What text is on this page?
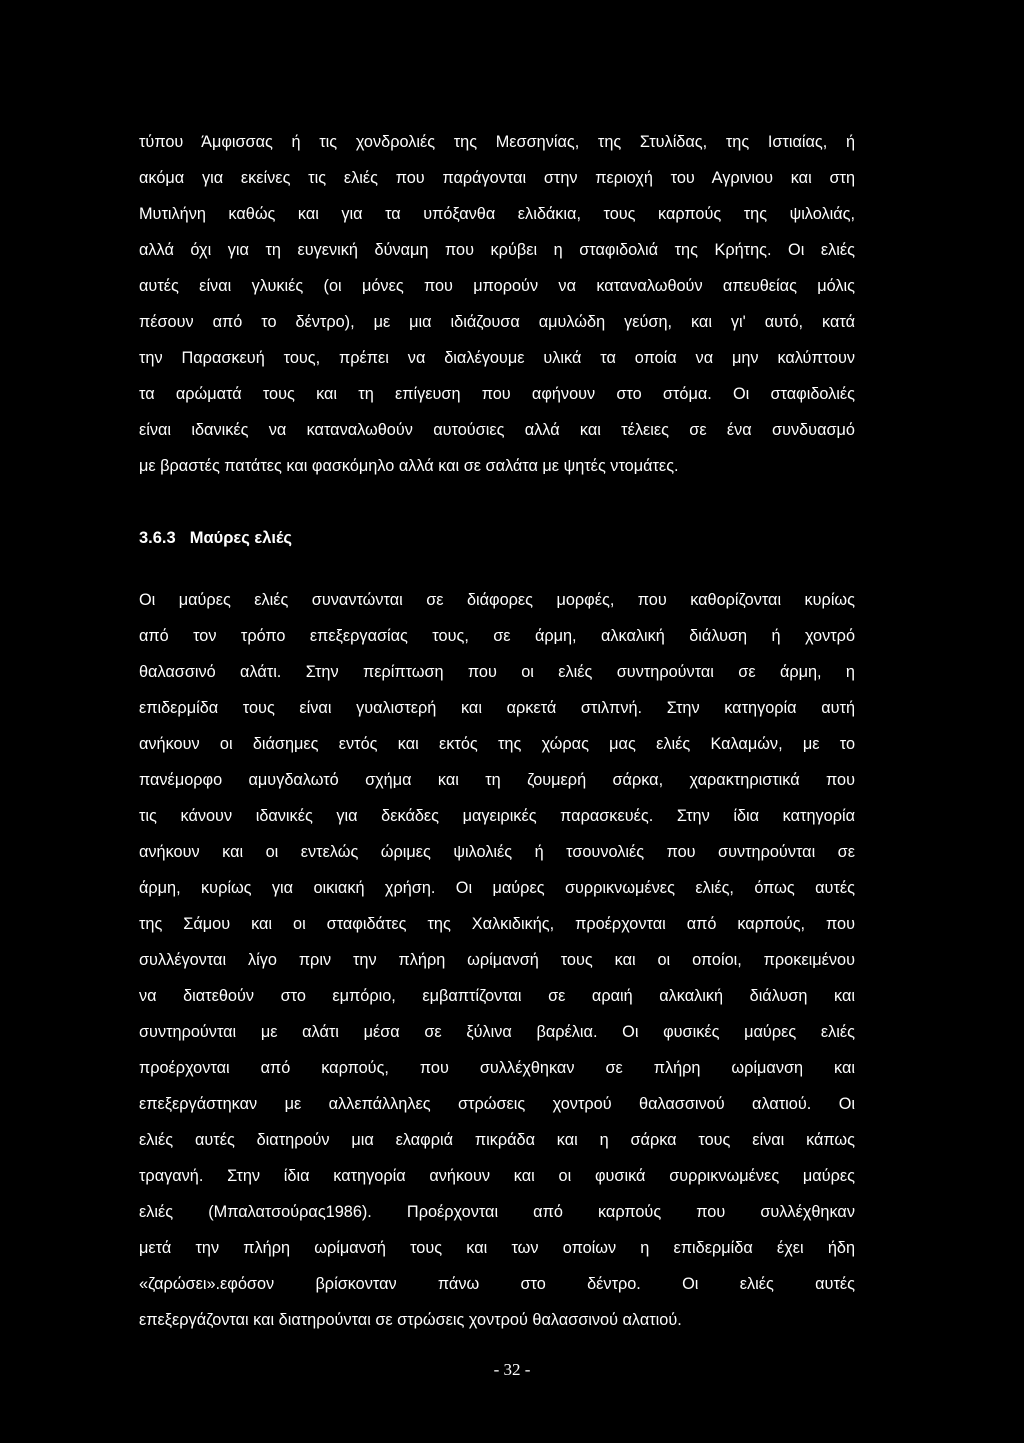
τύπου Άμφισσας ή τις χονδρολιές της Μεσσηνίας, της Στυλίδας, της Ιστιαίας, ή
ακόμα για εκείνες τις ελιές που παράγονται στην περιοχή του Αγρινιου και στη
Μυτιλήνη καθώς και για τα υπόξανθα ελιδάκια, τους καρπούς της ψιλολιάς,
αλλά όχι για τη ευγενική δύναμη που κρύβει η σταφιδολιά της Κρήτης. Οι ελιές
αυτές είναι γλυκιές (οι μόνες που μπορούν να καταναλωθούν απευθείας μόλις
πέσουν από το δέντρο), με μια ιδιάζουσα αμυλώδη γεύση, και γι' αυτό, κατά
την Παρασκευή τους, πρέπει να διαλέγουμε υλικά τα οποία να μην καλύπτουν
τα αρώματά τους και τη επίγευση που αφήνουν στο στόμα. Οι σταφιδολιές
είναι ιδανικές να καταναλωθούν αυτούσιες αλλά και τέλειες σε ένα συνδυασμό
με βραστές πατάτες και φασκόμηλο αλλά και σε σαλάτα με ψητές ντομάτες.
3.6.3 Μαύρες ελιές
Οι μαύρες ελιές συναντώνται σε διάφορες μορφές, που καθορίζονται κυρίως
από τον τρόπο επεξεργασίας τους, σε άρμη, αλκαλική διάλυση ή χοντρό
θαλασσινό αλάτι. Στην περίπτωση που οι ελιές συντηρούνται σε άρμη, η
επιδερμίδα τους είναι γυαλιστερή και αρκετά στιλπνή. Στην κατηγορία αυτή
ανήκουν οι διάσημες εντός και εκτός της χώρας μας ελιές Καλαμών, με το
πανέμορφο αμυγδαλωτό σχήμα και τη ζουμερή σάρκα, χαρακτηριστικά που
τις κάνουν ιδανικές για δεκάδες μαγειρικές παρασκευές. Στην ίδια κατηγορία
ανήκουν και οι εντελώς ώριμες ψιλολιές ή τσουνολιές που συντηρούνται σε
άρμη, κυρίως για οικιακή χρήση. Οι μαύρες συρρικνωμένες ελιές, όπως αυτές
της Σάμου και οι σταφιδάτες της Χαλκιδικής, προέρχονται από καρπούς, που
συλλέγονται λίγο πριν την πλήρη ωρίμανσή τους και οι οποίοι, προκειμένου
να διατεθούν στο εμπόριο, εμβαπτίζονται σε αραιή αλκαλική διάλυση και
συντηρούνται με αλάτι μέσα σε ξύλινα βαρέλια. Οι φυσικές μαύρες ελιές
προέρχονται από καρπούς, που συλλέχθηκαν σε πλήρη ωρίμανση και
επεξεργάστηκαν με αλλεπάλληλες στρώσεις χοντρού θαλασσινού αλατιού. Οι
ελιές αυτές διατηρούν μια ελαφριά πικράδα και η σάρκα τους είναι κάπως
τραγανή. Στην ίδια κατηγορία ανήκουν και οι φυσικά συρρικνωμένες μαύρες
ελιές (Μπαλατσούρας1986). Προέρχονται από καρπούς που συλλέχθηκαν
μετά την πλήρη ωρίμανσή τους και των οποίων η επιδερμίδα έχει ήδη
«ζαρώσει».εφόσον βρίσκονταν πάνω στο δέντρο. Οι ελιές αυτές
επεξεργάζονται και διατηρούνται σε στρώσεις χοντρού θαλασσινού αλατιού.
- 32 -
